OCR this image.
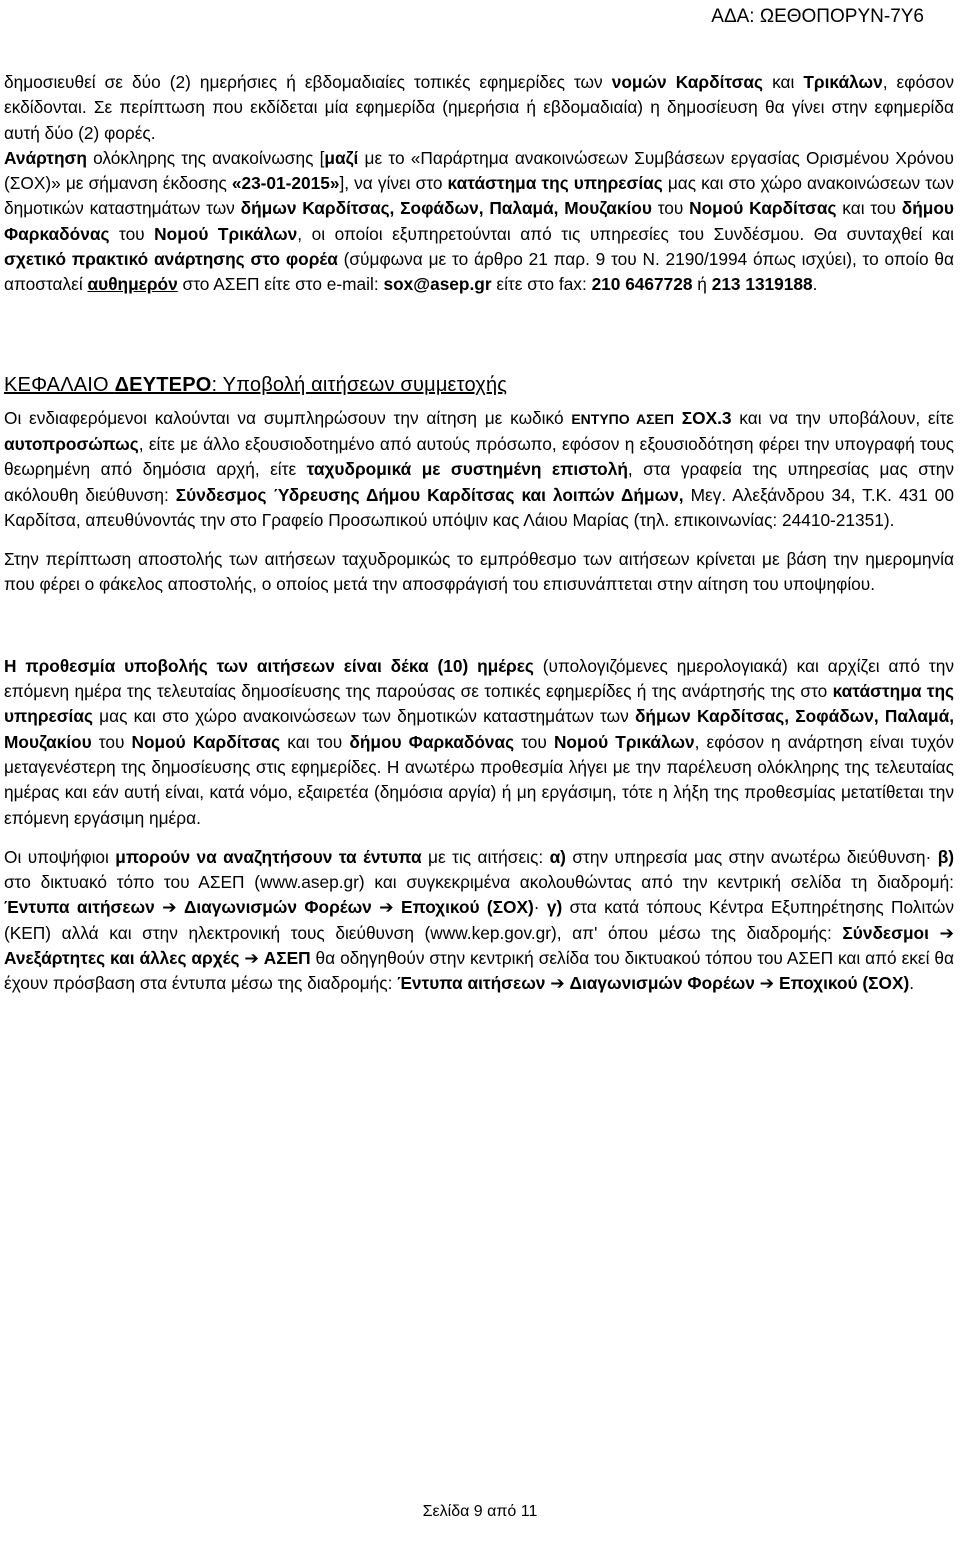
ΑΔΑ: ΩΕΘΟΠΟΡΥΝ-7Υ6

δημοσιευθεί σε δύο (2) ημερήσιες ή εβδομαδιαίες τοπικές εφημερίδες των νομών Καρδίτσας και Τρικάλων, εφόσον εκδίδονται. Σε περίπτωση που εκδίδεται μία εφημερίδα (ημερήσια ή εβδομαδιαία) η δημοσίευση θα γίνει στην εφημερίδα αυτή δύο (2) φορές.

Ανάρτηση ολόκληρης της ανακοίνωσης [μαζί με το «Παράρτημα ανακοινώσεων Συμβάσεων εργασίας Ορισμένου Χρόνου (ΣΟΧ)» με σήμανση έκδοσης «23-01-2015»], να γίνει στο κατάστημα της υπηρεσίας μας και στο χώρο ανακοινώσεων των δημοτικών καταστημάτων των δήμων Καρδίτσας, Σοφάδων, Παλαμά, Μουζακίου του Νομού Καρδίτσας και του δήμου Φαρκαδόνας του Νομού Τρικάλων, οι οποίοι εξυπηρετούνται από τις υπηρεσίες του Συνδέσμου. Θα συνταχθεί και σχετικό πρακτικό ανάρτησης στο φορέα (σύμφωνα με το άρθρο 21 παρ. 9 του Ν. 2190/1994 όπως ισχύει), το οποίο θα αποσταλεί αυθημερόν στο ΑΣΕΠ είτε στο e-mail: sox@asep.gr είτε στο fax: 210 6467728 ή 213 1319188.

ΚΕΦΑΛΑΙΟ ΔΕΥΤΕΡΟ: Υποβολή αιτήσεων συμμετοχής

Οι ενδιαφερόμενοι καλούνται να συμπληρώσουν την αίτηση με κωδικό ΕΝΤΥΠΟ ΑΣΕΠ ΣΟΧ.3 και να την υποβάλουν, είτε αυτοπροσώπως, είτε με άλλο εξουσιοδοτημένο από αυτούς πρόσωπο, εφόσον η εξουσιοδότηση φέρει την υπογραφή τους θεωρημένη από δημόσια αρχή, είτε ταχυδρομικά με συστημένη επιστολή, στα γραφεία της υπηρεσίας μας στην ακόλουθη διεύθυνση: Σύνδεσμος Ύδρευσης Δήμου Καρδίτσας και λοιπών Δήμων, Μεγ. Αλεξάνδρου 34, Τ.Κ. 431 00 Καρδίτσα, απευθύνοντάς την στο Γραφείο Προσωπικού υπόψιν κας Λάιου Μαρίας (τηλ. επικοινωνίας: 24410-21351).

Στην περίπτωση αποστολής των αιτήσεων ταχυδρομικώς το εμπρόθεσμο των αιτήσεων κρίνεται με βάση την ημερομηνία που φέρει ο φάκελος αποστολής, ο οποίος μετά την αποσφράγισή του επισυνάπτεται στην αίτηση του υποψηφίου.

Η προθεσμία υποβολής των αιτήσεων είναι δέκα (10) ημέρες (υπολογιζόμενες ημερολογιακά) και αρχίζει από την επόμενη ημέρα της τελευταίας δημοσίευσης της παρούσας σε τοπικές εφημερίδες ή της ανάρτησής της στο κατάστημα της υπηρεσίας μας και στο χώρο ανακοινώσεων των δημοτικών καταστημάτων των δήμων Καρδίτσας, Σοφάδων, Παλαμά, Μουζακίου του Νομού Καρδίτσας και του δήμου Φαρκαδόνας του Νομού Τρικάλων, εφόσον η ανάρτηση είναι τυχόν μεταγενέστερη της δημοσίευσης στις εφημερίδες. Η ανωτέρω προθεσμία λήγει με την παρέλευση ολόκληρης της τελευταίας ημέρας και εάν αυτή είναι, κατά νόμο, εξαιρετέα (δημόσια αργία) ή μη εργάσιμη, τότε η λήξη της προθεσμίας μετατίθεται την επόμενη εργάσιμη ημέρα.

Οι υποψήφιοι μπορούν να αναζητήσουν τα έντυπα με τις αιτήσεις: α) στην υπηρεσία μας στην ανωτέρω διεύθυνση· β) στο δικτυακό τόπο του ΑΣΕΠ (www.asep.gr) και συγκεκριμένα ακολουθώντας από την κεντρική σελίδα τη διαδρομή: Έντυπα αιτήσεων ➔ Διαγωνισμών Φορέων ➔ Εποχικού (ΣΟΧ)· γ) στα κατά τόπους Κέντρα Εξυπηρέτησης Πολιτών (ΚΕΠ) αλλά και στην ηλεκτρονική τους διεύθυνση (www.kep.gov.gr), απ' όπου μέσω της διαδρομής: Σύνδεσμοι ➔ Ανεξάρτητες και άλλες αρχές ➔ ΑΣΕΠ θα οδηγηθούν στην κεντρική σελίδα του δικτυακού τόπου του ΑΣΕΠ και από εκεί θα έχουν πρόσβαση στα έντυπα μέσω της διαδρομής: Έντυπα αιτήσεων ➔ Διαγωνισμών Φορέων ➔ Εποχικού (ΣΟΧ).

Σελίδα 9 από 11
